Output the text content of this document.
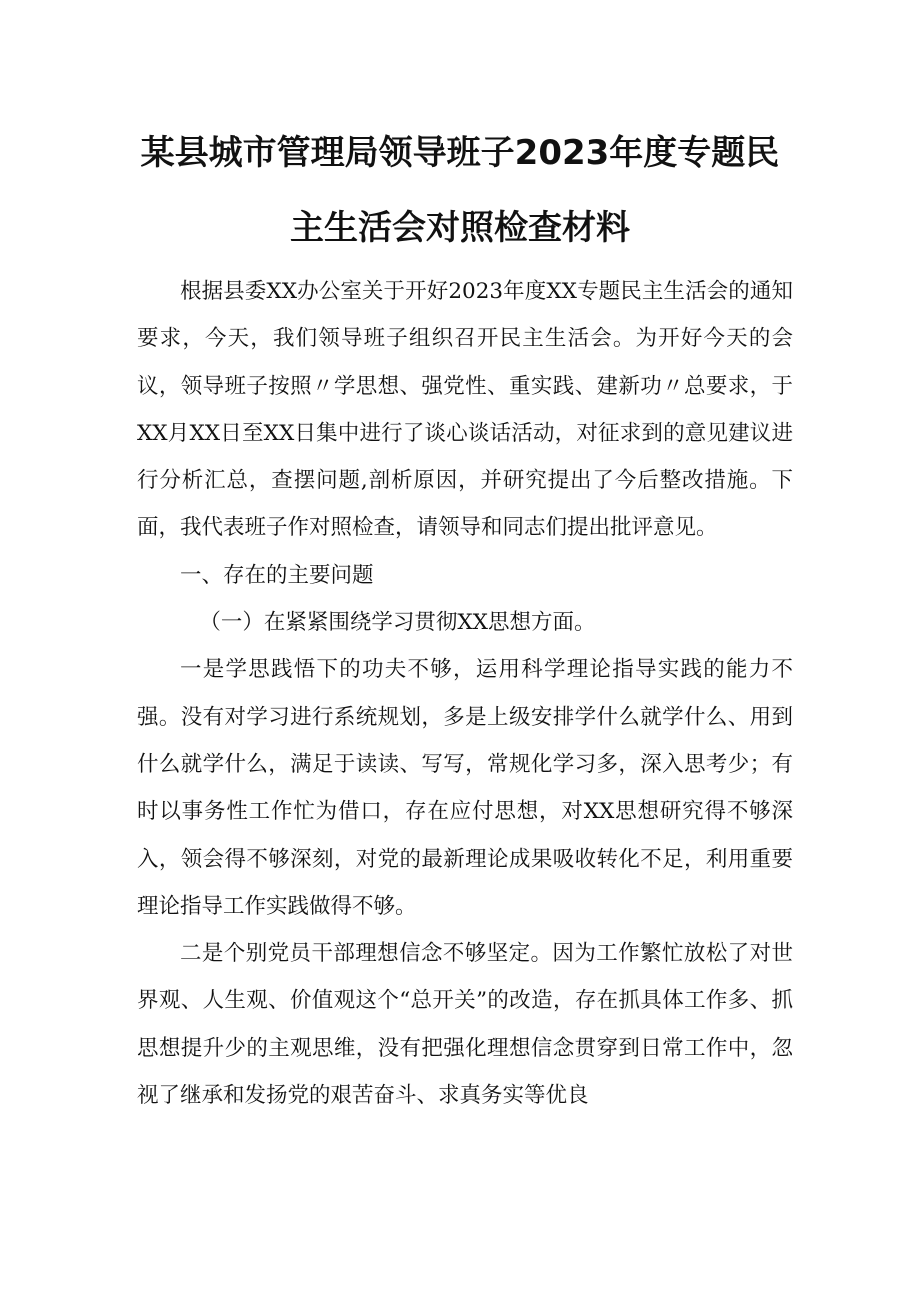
某县城市管理局领导班子2023年度专题民
主生活会对照检查材料

根据县委XX办公室关于开好2023年度XX专题民主生活会的通知要求，今天，我们领导班子组织召开民主生活会。为开好今天的会议，领导班子按照〃学思想、强党性、重实践、建新功〃总要求，于XX月XX日至XX日集中进行了谈心谈话活动，对征求到的意见建议进行分析汇总，查摆问题,剖析原因，并研究提出了今后整改措施。下面，我代表班子作对照检查，请领导和同志们提出批评意见。

一、存在的主要问题

（一）在紧紧围绕学习贯彻XX思想方面。

一是学思践悟下的功夫不够，运用科学理论指导实践的能力不强。没有对学习进行系统规划，多是上级安排学什么就学什么、用到什么就学什么，满足于读读、写写，常规化学习多，深入思考少；有时以事务性工作忙为借口，存在应付思想，对XX思想研究得不够深入，领会得不够深刻，对党的最新理论成果吸收转化不足，利用重要理论指导工作实践做得不够。

二是个别党员干部理想信念不够坚定。因为工作繁忙放松了对世界观、人生观、价值观这个“总开关”的改造，存在抓具体工作多、抓思想提升少的主观思维，没有把强化理想信念贯穿到日常工作中，忽视了继承和发扬党的艰苦奋斗、求真务实等优良
